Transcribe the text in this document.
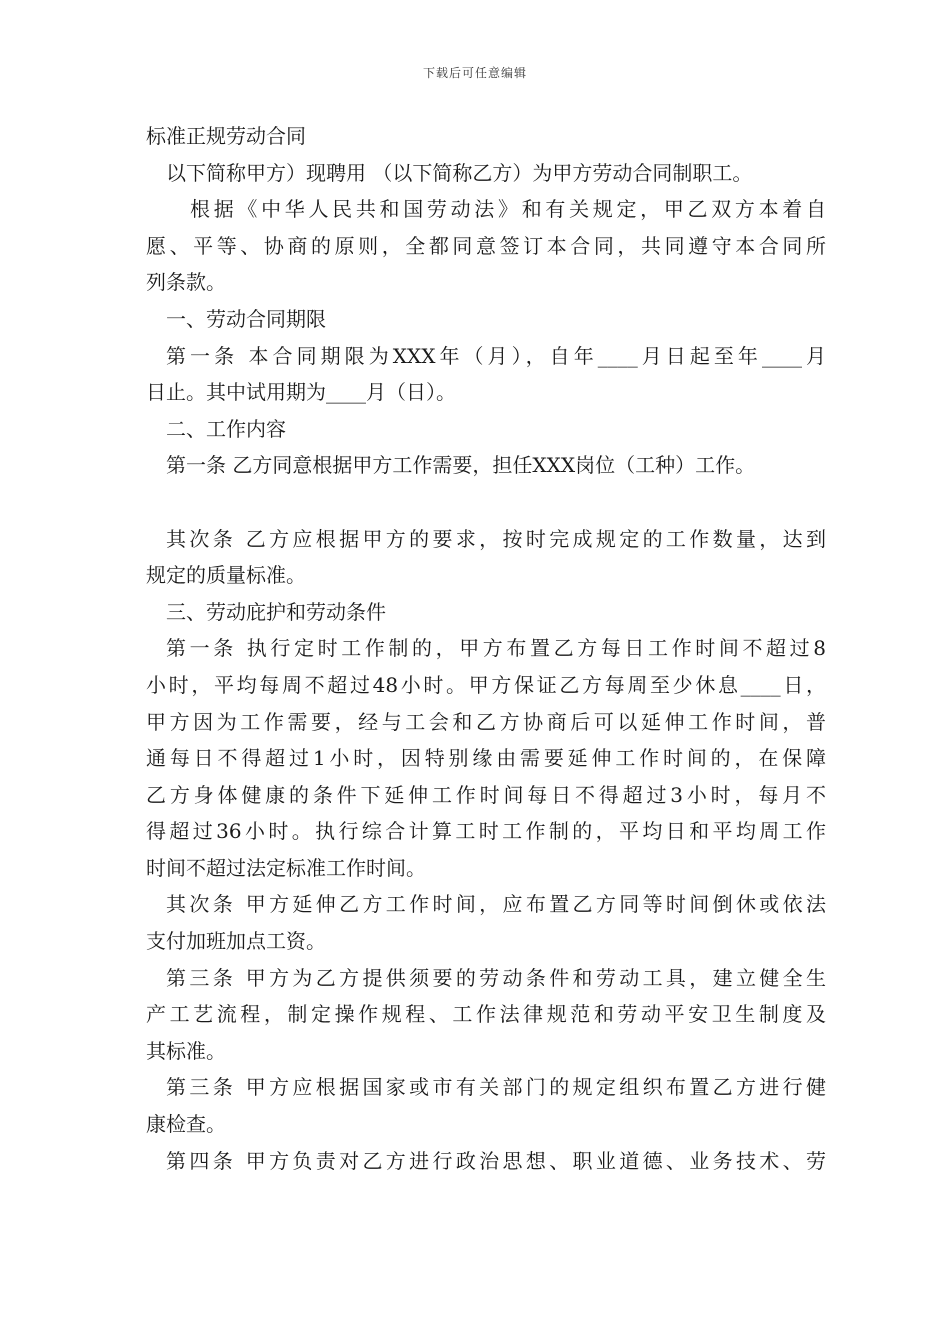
下载后可任意编辑
标准正规劳动合同
以下简称甲方）现聘用 （以下简称乙方）为甲方劳动合同制职工。
根据《中华人民共和国劳动法》和有关规定，甲乙双方本着自
愿、平等、协商的原则，全都同意签订本合同，共同遵守本合同所
列条款。
一、劳动合同期限
第一条 本合同期限为XXX年（月），自年____月日起至年____月
日止。其中试用期为____月（日）。
二、工作内容
第一条 乙方同意根据甲方工作需要，担任XXX岗位（工种）工作。
其次条 乙方应根据甲方的要求，按时完成规定的工作数量，达到
规定的质量标准。
三、劳动庇护和劳动条件
第一条 执行定时工作制的，甲方布置乙方每日工作时间不超过8
小时，平均每周不超过48小时。甲方保证乙方每周至少休息____日，
甲方因为工作需要，经与工会和乙方协商后可以延伸工作时间，普
通每日不得超过1小时，因特别缘由需要延伸工作时间的，在保障
乙方身体健康的条件下延伸工作时间每日不得超过3小时，每月不
得超过36小时。执行综合计算工时工作制的，平均日和平均周工作
时间不超过法定标准工作时间。
其次条 甲方延伸乙方工作时间，应布置乙方同等时间倒休或依法
支付加班加点工资。
第三条 甲方为乙方提供须要的劳动条件和劳动工具，建立健全生
产工艺流程，制定操作规程、工作法律规范和劳动平安卫生制度及
其标准。
第三条 甲方应根据国家或市有关部门的规定组织布置乙方进行健
康检查。
第四条 甲方负责对乙方进行政治思想、职业道德、业务技术、劳
